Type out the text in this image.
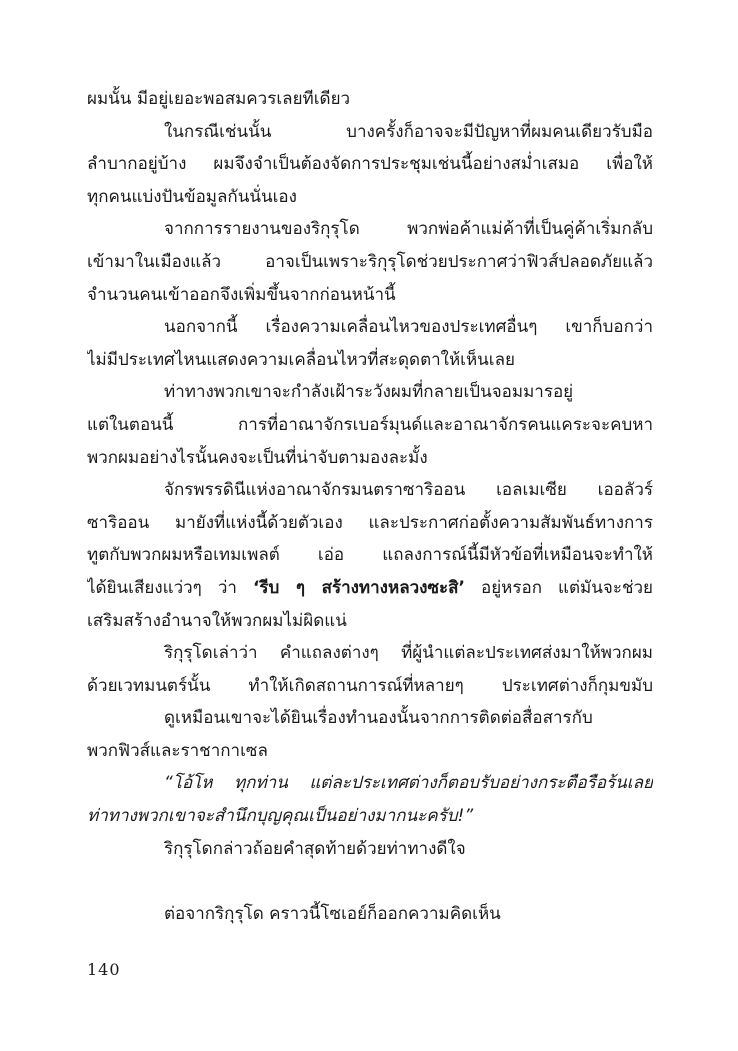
ผมนั้น มีอยู่เยอะพอสมควรเลยทีเดียว
ในกรณีเช่นนั้น บางครั้งก็อาจจะมีปัญหาที่ผมคนเดียวรับมือ
ลำบากอยู่บ้าง ผมจึงจำเป็นต้องจัดการประชุมเช่นนี้อย่างสม่ำเสมอ เพื่อให้
ทุกคนแบ่งปันข้อมูลกันนั่นเอง
จากการรายงานของริกุรุโด พวกพ่อค้าแม่ค้าที่เป็นคู่ค้าเริ่มกลับ
เข้ามาในเมืองแล้ว อาจเป็นเพราะริกุรุโดช่วยประกาศว่าฟิวส์ปลอดภัยแล้ว
จำนวนคนเข้าออกจึงเพิ่มขึ้นจากก่อนหน้านี้
นอกจากนี้ เรื่องความเคลื่อนไหวของประเทศอื่นๆ เขาก็บอกว่า
ไม่มีประเทศไหนแสดงความเคลื่อนไหวที่สะดุดตาให้เห็นเลย
ท่าทางพวกเขาจะกำลังเฝ้าระวังผมที่กลายเป็นจอมมารอยู่
แต่ในตอนนี้ การที่อาณาจักรเบอร์มุนด์และอาณาจักรคนแคระจะคบหา
พวกผมอย่างไรนั้นคงจะเป็นที่น่าจับตามองละมั้ง
จักรพรรดินีแห่งอาณาจักรมนตราซาริออน เอลเมเซีย เออลัวร์
ซาริออน มายังที่แห่งนี้ด้วยตัวเอง และประกาศก่อตั้งความสัมพันธ์ทางการ
ทูตกับพวกผมหรือเทมเพลต์ เอ่อ แถลงการณ์นี้มีหัวข้อที่เหมือนจะทำให้
ได้ยินเสียงแว่วๆ ว่า ‘รีบ ๆ สร้างทางหลวงซะสิ’ อยู่หรอก แต่มันจะช่วย
เสริมสร้างอำนาจให้พวกผมไม่ผิดแน่
ริกุรุโดเล่าว่า คำแถลงต่างๆ ที่ผู้นำแต่ละประเทศส่งมาให้พวกผม
ด้วยเวทมนตร์นั้น ทำให้เกิดสถานการณ์ที่หลายๆ ประเทศต่างก็กุมขมับ
ดูเหมือนเขาจะได้ยินเรื่องทำนองนั้นจากการติดต่อสื่อสารกับ
พวกฟิวส์และราชากาเซล
“โอ้โห ทุกท่าน แต่ละประเทศต่างก็ตอบรับอย่างกระตือรือร้นเลย
ท่าทางพวกเขาจะสำนึกบุญคุณเป็นอย่างมากนะครับ!”
ริกุรุโดกล่าวถ้อยคำสุดท้ายด้วยท่าทางดีใจ
ต่อจากริกุรุโด คราวนี้โซเอย์ก็ออกความคิดเห็น
140
